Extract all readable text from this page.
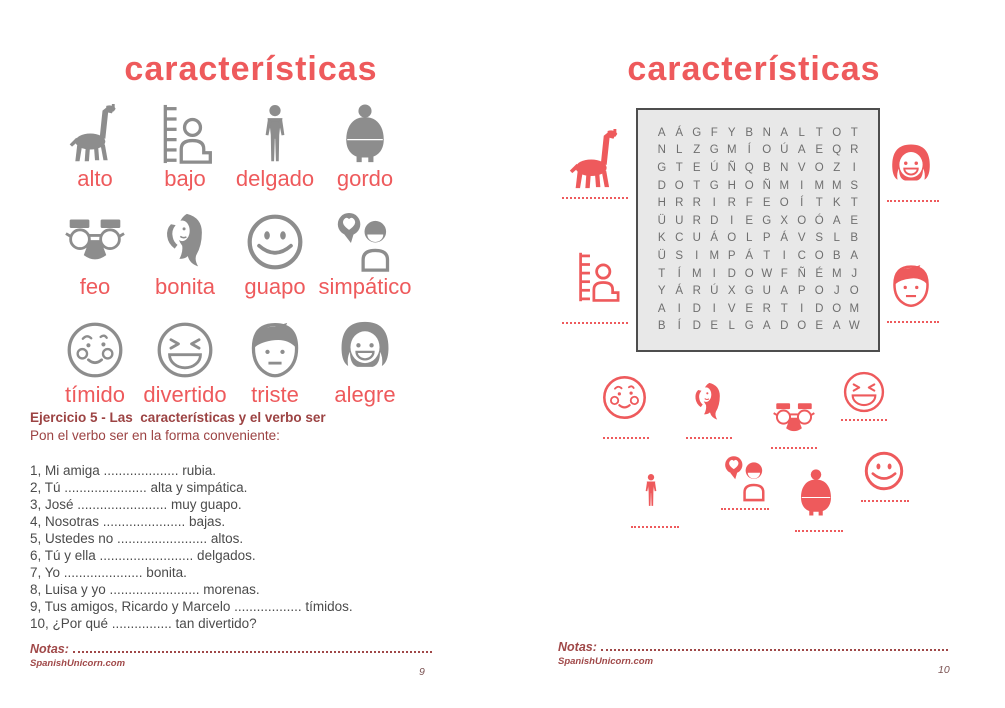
características
alto bajo delgado gordo
feo bonita guapo simpático
tímido divertido triste alegre
Ejercicio 5 - Las  características y el verbo ser
Pon el verbo ser en la forma conveniente:
1, Mi amiga .................... rubia.
2, Tú ...................... alta y simpática.
3, José ........................ muy guapo.
4, Nosotras ...................... bajas.
5, Ustedes no ........................ altos.
6, Tú y ella ......................... delgados.
7, Yo ..................... bonita.
8, Luisa y yo ........................ morenas.
9, Tus amigos, Ricardo y Marcelo .................. tímidos.
10, ¿Por qué ................ tan divertido?
Notas:
SpanishUnicorn.com
9
características
A Á G F Y B N A L T O T
N L Z G M Í O Ú A E Q R
G T E Ú Ñ Q B N V O Z	I
D O T G H O Ñ M I M M S
H R R	I	R F E O Í	T K T
Ü U R D	I	E G X O Ó A E
K C U Á O L P Á V S L B
Ü S	I M P Á T	I	C O B A
T	Í M I	D O W F Ñ É M J
Y Á R Ú X G U A P O J O
A	I	D	I	V E R T	I	D O M
B	Í	D E L G A D O E A W
Notas:
SpanishUnicorn.com
10
